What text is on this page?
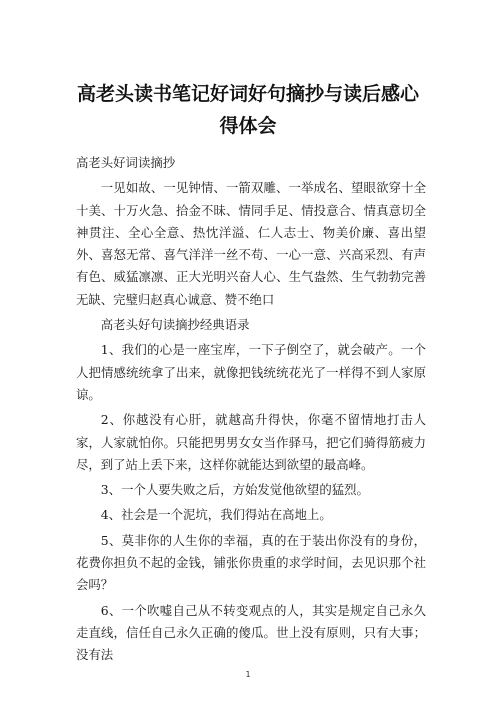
高老头读书笔记好词好句摘抄与读后感心
得体会

高老头好词读摘抄

一见如故、一见钟情、一箭双雕、一举成名、望眼欲穿十全十美、十万火急、拾金不昧、情同手足、情投意合、情真意切全神贯注、全心全意、热忱洋溢、仁人志士、物美价廉、喜出望外、喜怒无常、喜气洋洋一丝不苟、一心一意、兴高采烈、有声有色、威猛凛凛、正大光明兴奋人心、生气盎然、生气勃勃完善无缺、完璧归赵真心诚意、赞不绝口

高老头好句读摘抄经典语录

1、我们的心是一座宝库，一下子倒空了，就会破产。一个人把情感统统拿了出来，就像把钱统统花光了一样得不到人家原谅。

2、你越没有心肝，就越高升得快，你毫不留情地打击人家，人家就怕你。只能把男男女女当作驿马，把它们骑得筋疲力尽，到了站上丢下来，这样你就能达到欲望的最高峰。

3、一个人要失败之后，方始发觉他欲望的猛烈。

4、社会是一个泥坑，我们得站在高地上。

5、莫非你的人生你的幸福，真的在于装出你没有的身份，花费你担负不起的金钱，铺张你贵重的求学时间，去见识那个社会吗？

6、一个吹嘘自己从不转变观点的人，其实是规定自己永久走直线，信任自己永久正确的傻瓜。世上没有原则，只有大事；没有法

1
